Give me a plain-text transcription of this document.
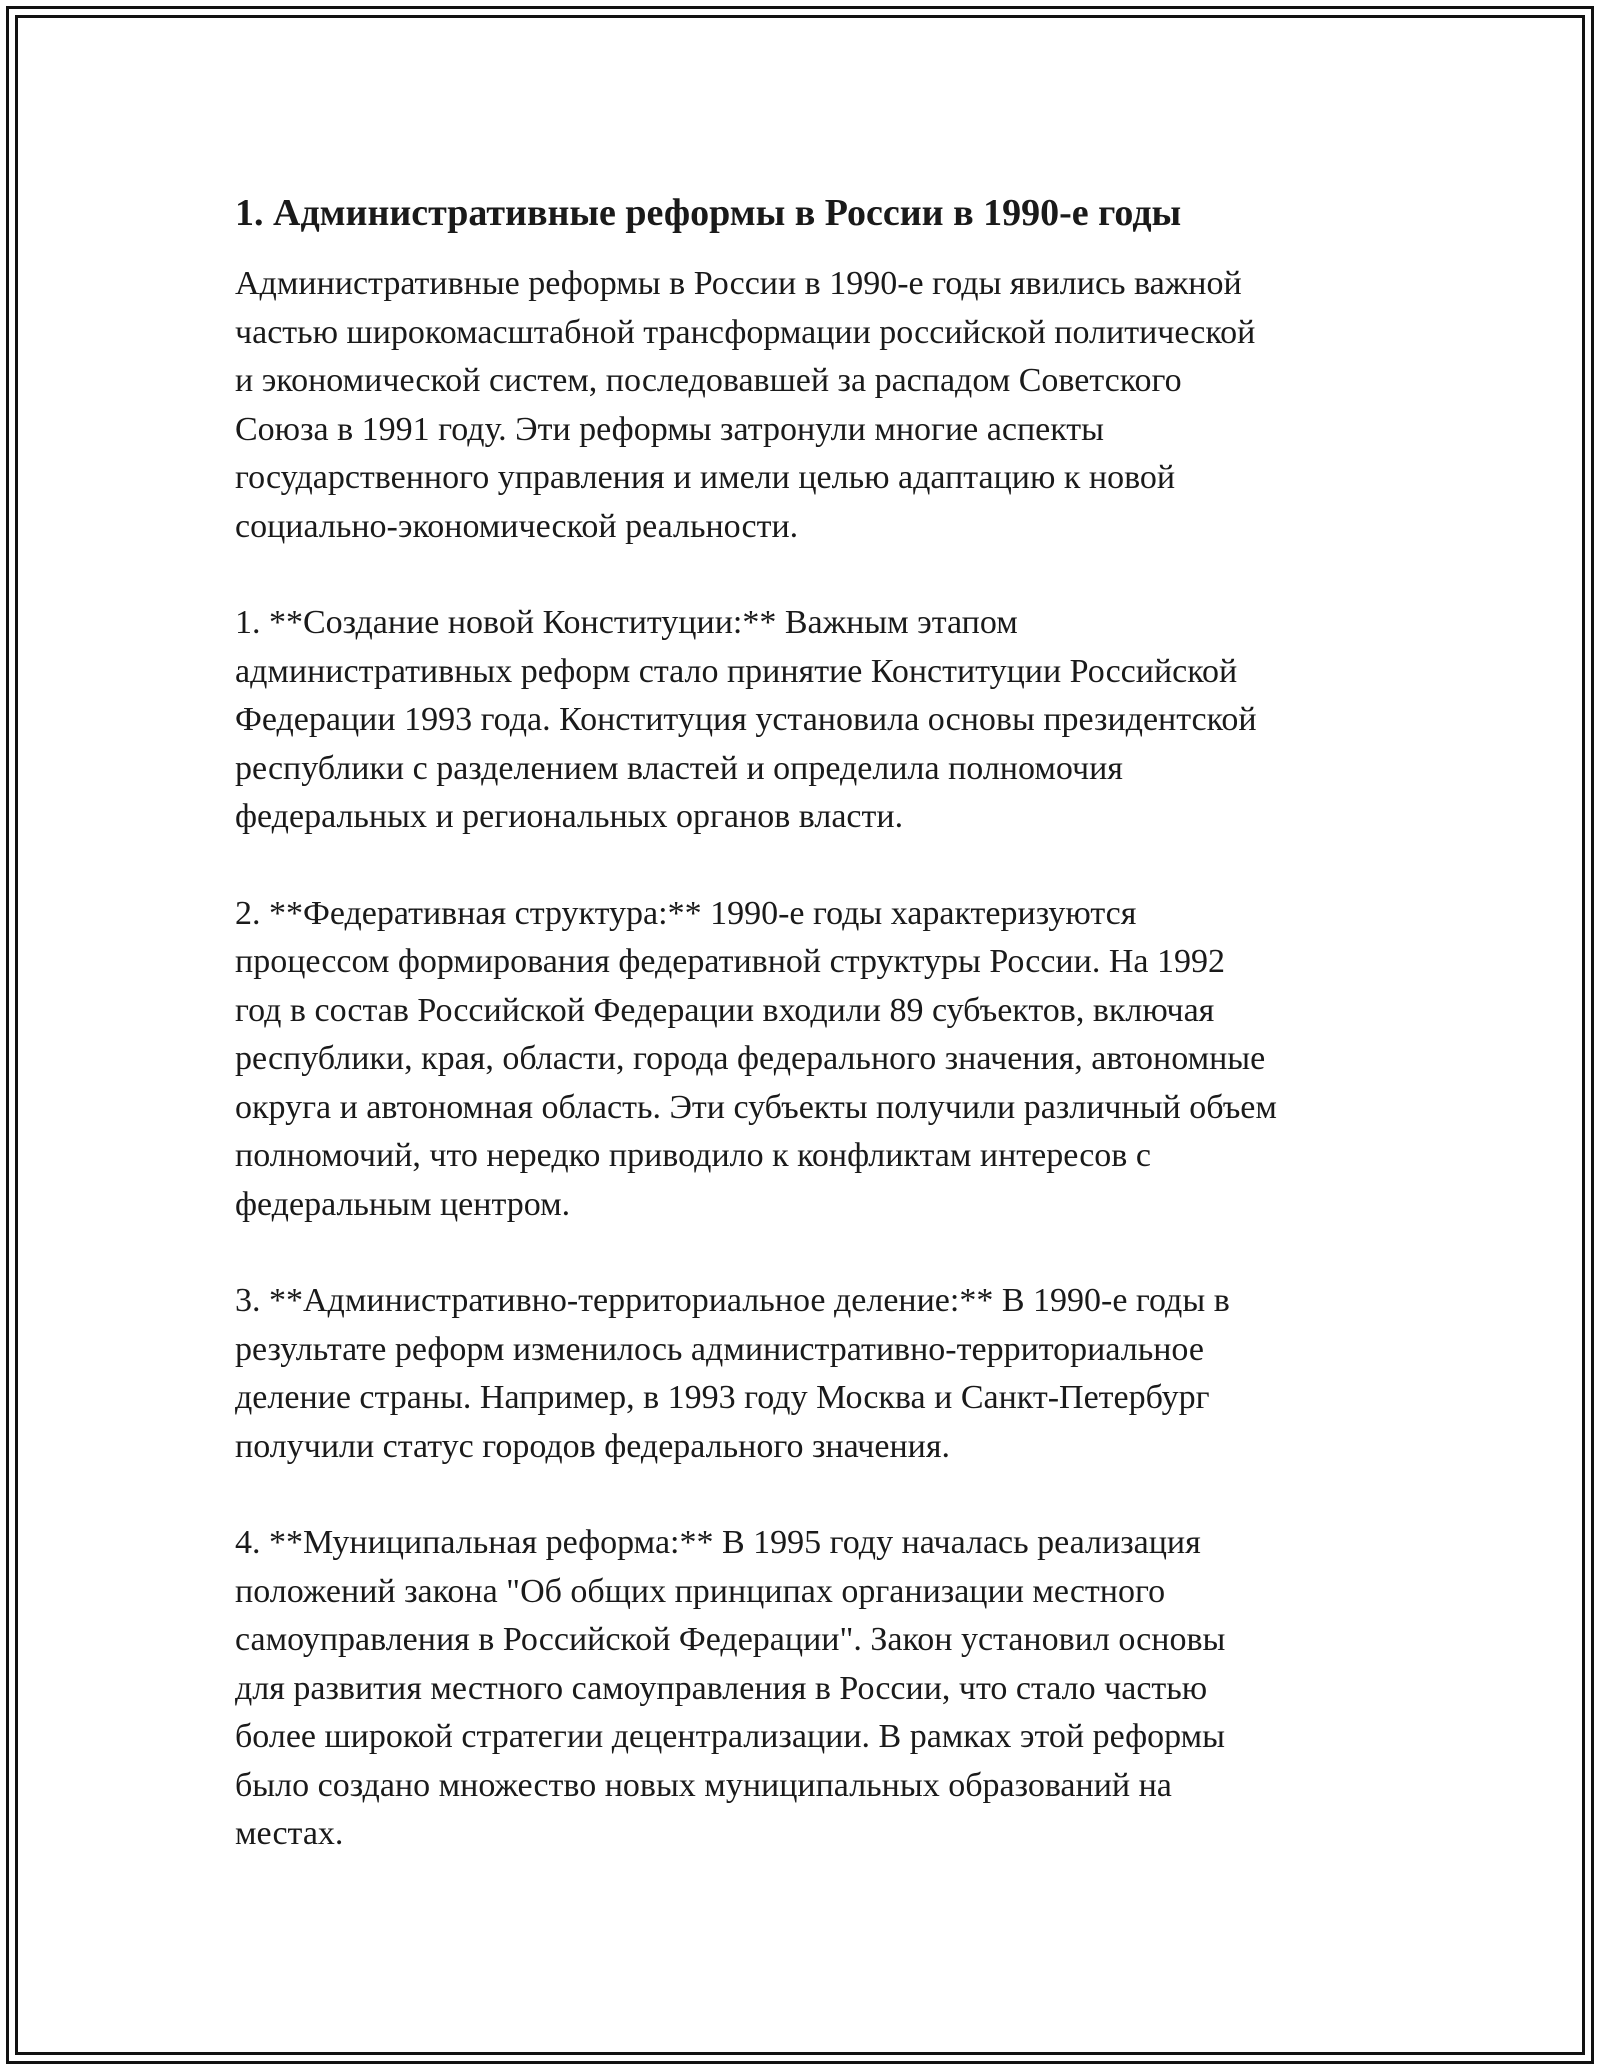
1. Административные реформы в России в 1990-е годы

Административные реформы в России в 1990-е годы явились важной
частью широкомасштабной трансформации российской политической
и экономической систем, последовавшей за распадом Советского
Союза в 1991 году. Эти реформы затронули многие аспекты
государственного управления и имели целью адаптацию к новой
социально-экономической реальности.

1. **Создание новой Конституции:** Важным этапом
административных реформ стало принятие Конституции Российской
Федерации 1993 года. Конституция установила основы президентской
республики с разделением властей и определила полномочия
федеральных и региональных органов власти.

2. **Федеративная структура:** 1990-е годы характеризуются
процессом формирования федеративной структуры России. На 1992
год в состав Российской Федерации входили 89 субъектов, включая
республики, края, области, города федерального значения, автономные
округа и автономная область. Эти субъекты получили различный объем
полномочий, что нередко приводило к конфликтам интересов с
федеральным центром.

3. **Административно-территориальное деление:** В 1990-е годы в
результате реформ изменилось административно-территориальное
деление страны. Например, в 1993 году Москва и Санкт-Петербург
получили статус городов федерального значения.

4. **Муниципальная реформа:** В 1995 году началась реализация
положений закона "Об общих принципах организации местного
самоуправления в Российской Федерации". Закон установил основы
для развития местного самоуправления в России, что стало частью
более широкой стратегии децентрализации. В рамках этой реформы
было создано множество новых муниципальных образований на
местах.
